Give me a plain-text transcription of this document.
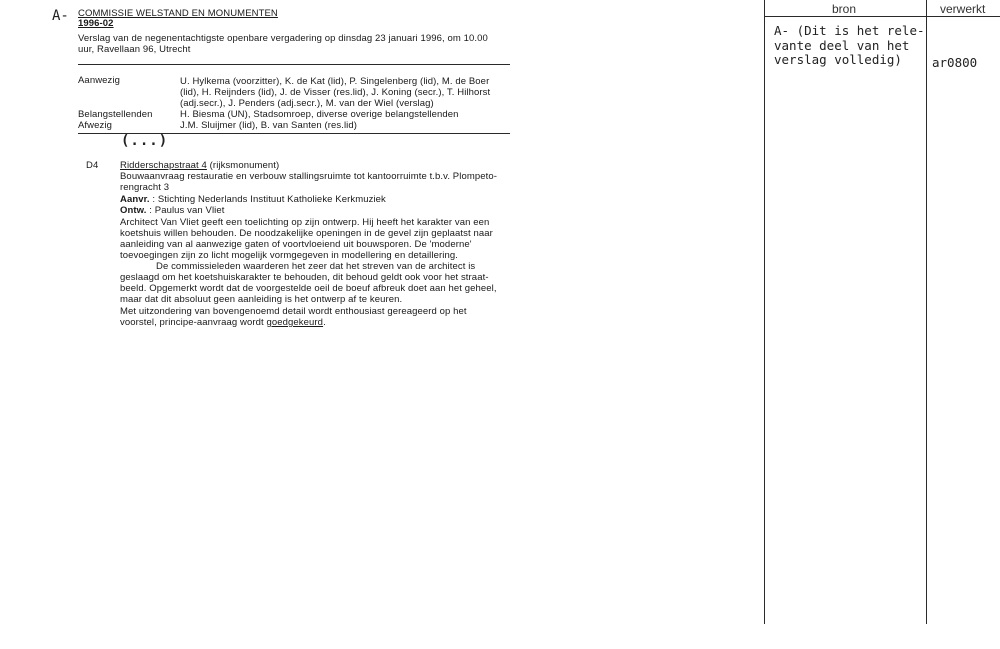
A- COMMISSIE WELSTAND EN MONUMENTEN
1996-02
Verslag van de negenentachtigste openbare vergadering op dinsdag 23 januari 1996, om 10.00
uur, Ravellaan 96, Utrecht
Aanwezig	U. Hylkema (voorzitter), K. de Kat (lid), P. Singelenberg (lid), M. de Boer
(lid), H. Reijnders (lid), J. de Visser (res.lid), J. Koning (secr.), T. Hilhorst
(adj.secr.), J. Penders (adj.secr.), M. van der Wiel (verslag)
Belangstellenden	H. Biesma (UN), Stadsomroep, diverse overige belangstellenden
Afwezig	J.M. Sluijmer (lid), B. van Santen (res.lid)
(...)
D4 Ridderschapstraat 4 (rijksmonument)
Bouwaanvraag restauratie en verbouw stallingsruimte tot kantoorruimte t.b.v. Plompeto-
rengracht 3
Aanvr. : Stichting Nederlands Instituut Katholieke Kerkmuziek
Ontw. : Paulus van Vliet
Architect Van Vliet geeft een toelichting op zijn ontwerp. Hij heeft het karakter van een
koetshuis willen behouden. De noodzakelijke openingen in de gevel zijn geplaatst naar
aanleiding van al aanwezige gaten of voortvloeiend uit bouwsporen. De 'moderne'
toevoegingen zijn zo licht mogelijk vormgegeven in modellering en detaillering.
De commissieleden waarderen het zeer dat het streven van de architect is
geslaagd om het koetshuiskarakter te behouden, dit behoud geldt ook voor het straat-
beeld. Opgemerkt wordt dat de voorgestelde oeil de boeuf afbreuk doet aan het geheel,
maar dat dit absoluut geen aanleiding is het ontwerp af te keuren.
Met uitzondering van bovengenoemd detail wordt enthousiast gereageerd op het
voorstel, principe-aanvraag wordt goedgekeurd.
bron	verwerkt
A- (Dit is het rele-
vante deel van het
verslag volledig)	ar0800
